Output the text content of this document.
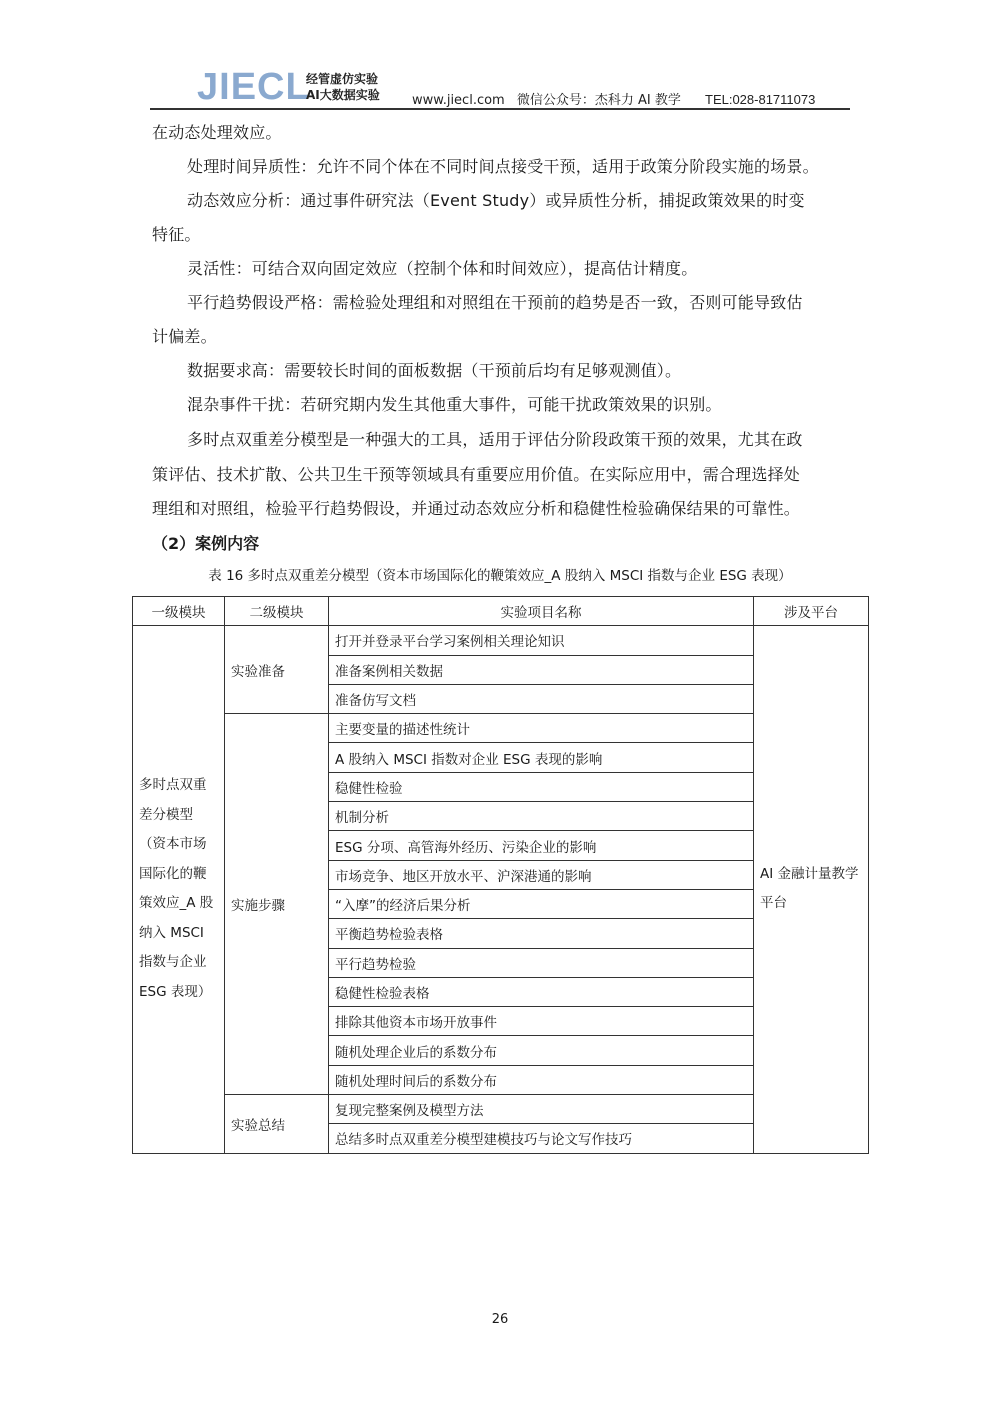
JIECL
经管虚仿实验
AI大数据实验 www.jiecl.com 微信公众号：杰科力 AI 教学 TEL:028-81711073
在动态处理效应。
处理时间异质性：允许不同个体在不同时间点接受干预，适用于政策分阶段实施的场景。
动态效应分析：通过事件研究法（Event Study）或异质性分析，捕捉政策效果的时变
特征。
灵活性：可结合双向固定效应（控制个体和时间效应），提高估计精度。
平行趋势假设严格：需检验处理组和对照组在干预前的趋势是否一致，否则可能导致估
计偏差。
数据要求高：需要较长时间的面板数据（干预前后均有足够观测值）。
混杂事件干扰：若研究期内发生其他重大事件，可能干扰政策效果的识别。
多时点双重差分模型是一种强大的工具，适用于评估分阶段政策干预的效果，尤其在政
策评估、技术扩散、公共卫生干预等领域具有重要应用价值。在实际应用中，需合理选择处
理组和对照组，检验平行趋势假设，并通过动态效应分析和稳健性检验确保结果的可靠性。
（2）案例内容
表 16 多时点双重差分模型（资本市场国际化的鞭策效应_A 股纳入 MSCI 指数与企业 ESG 表现）
一级模块	二级模块	实验项目名称	涉及平台
多时点双重差分模型（资本市场国际化的鞭策效应_A 股纳入 MSCI 指数与企业 ESG 表现）	实验准备	打开并登录平台学习案例相关理论知识	AI 金融计量教学平台
		准备案例相关数据	
		准备仿写文档	
	实施步骤	主要变量的描述性统计	
		A 股纳入 MSCI 指数对企业 ESG 表现的影响	
		稳健性检验	
		机制分析	
		ESG 分项、高管海外经历、污染企业的影响	
		市场竞争、地区开放水平、沪深港通的影响	
		“入摩”的经济后果分析	
		平衡趋势检验表格	
		平行趋势检验	
		稳健性检验表格	
		排除其他资本市场开放事件	
		随机处理企业后的系数分布	
		随机处理时间后的系数分布	
	实验总结	复现完整案例及模型方法	
		总结多时点双重差分模型建模技巧与论文写作技巧	
26
